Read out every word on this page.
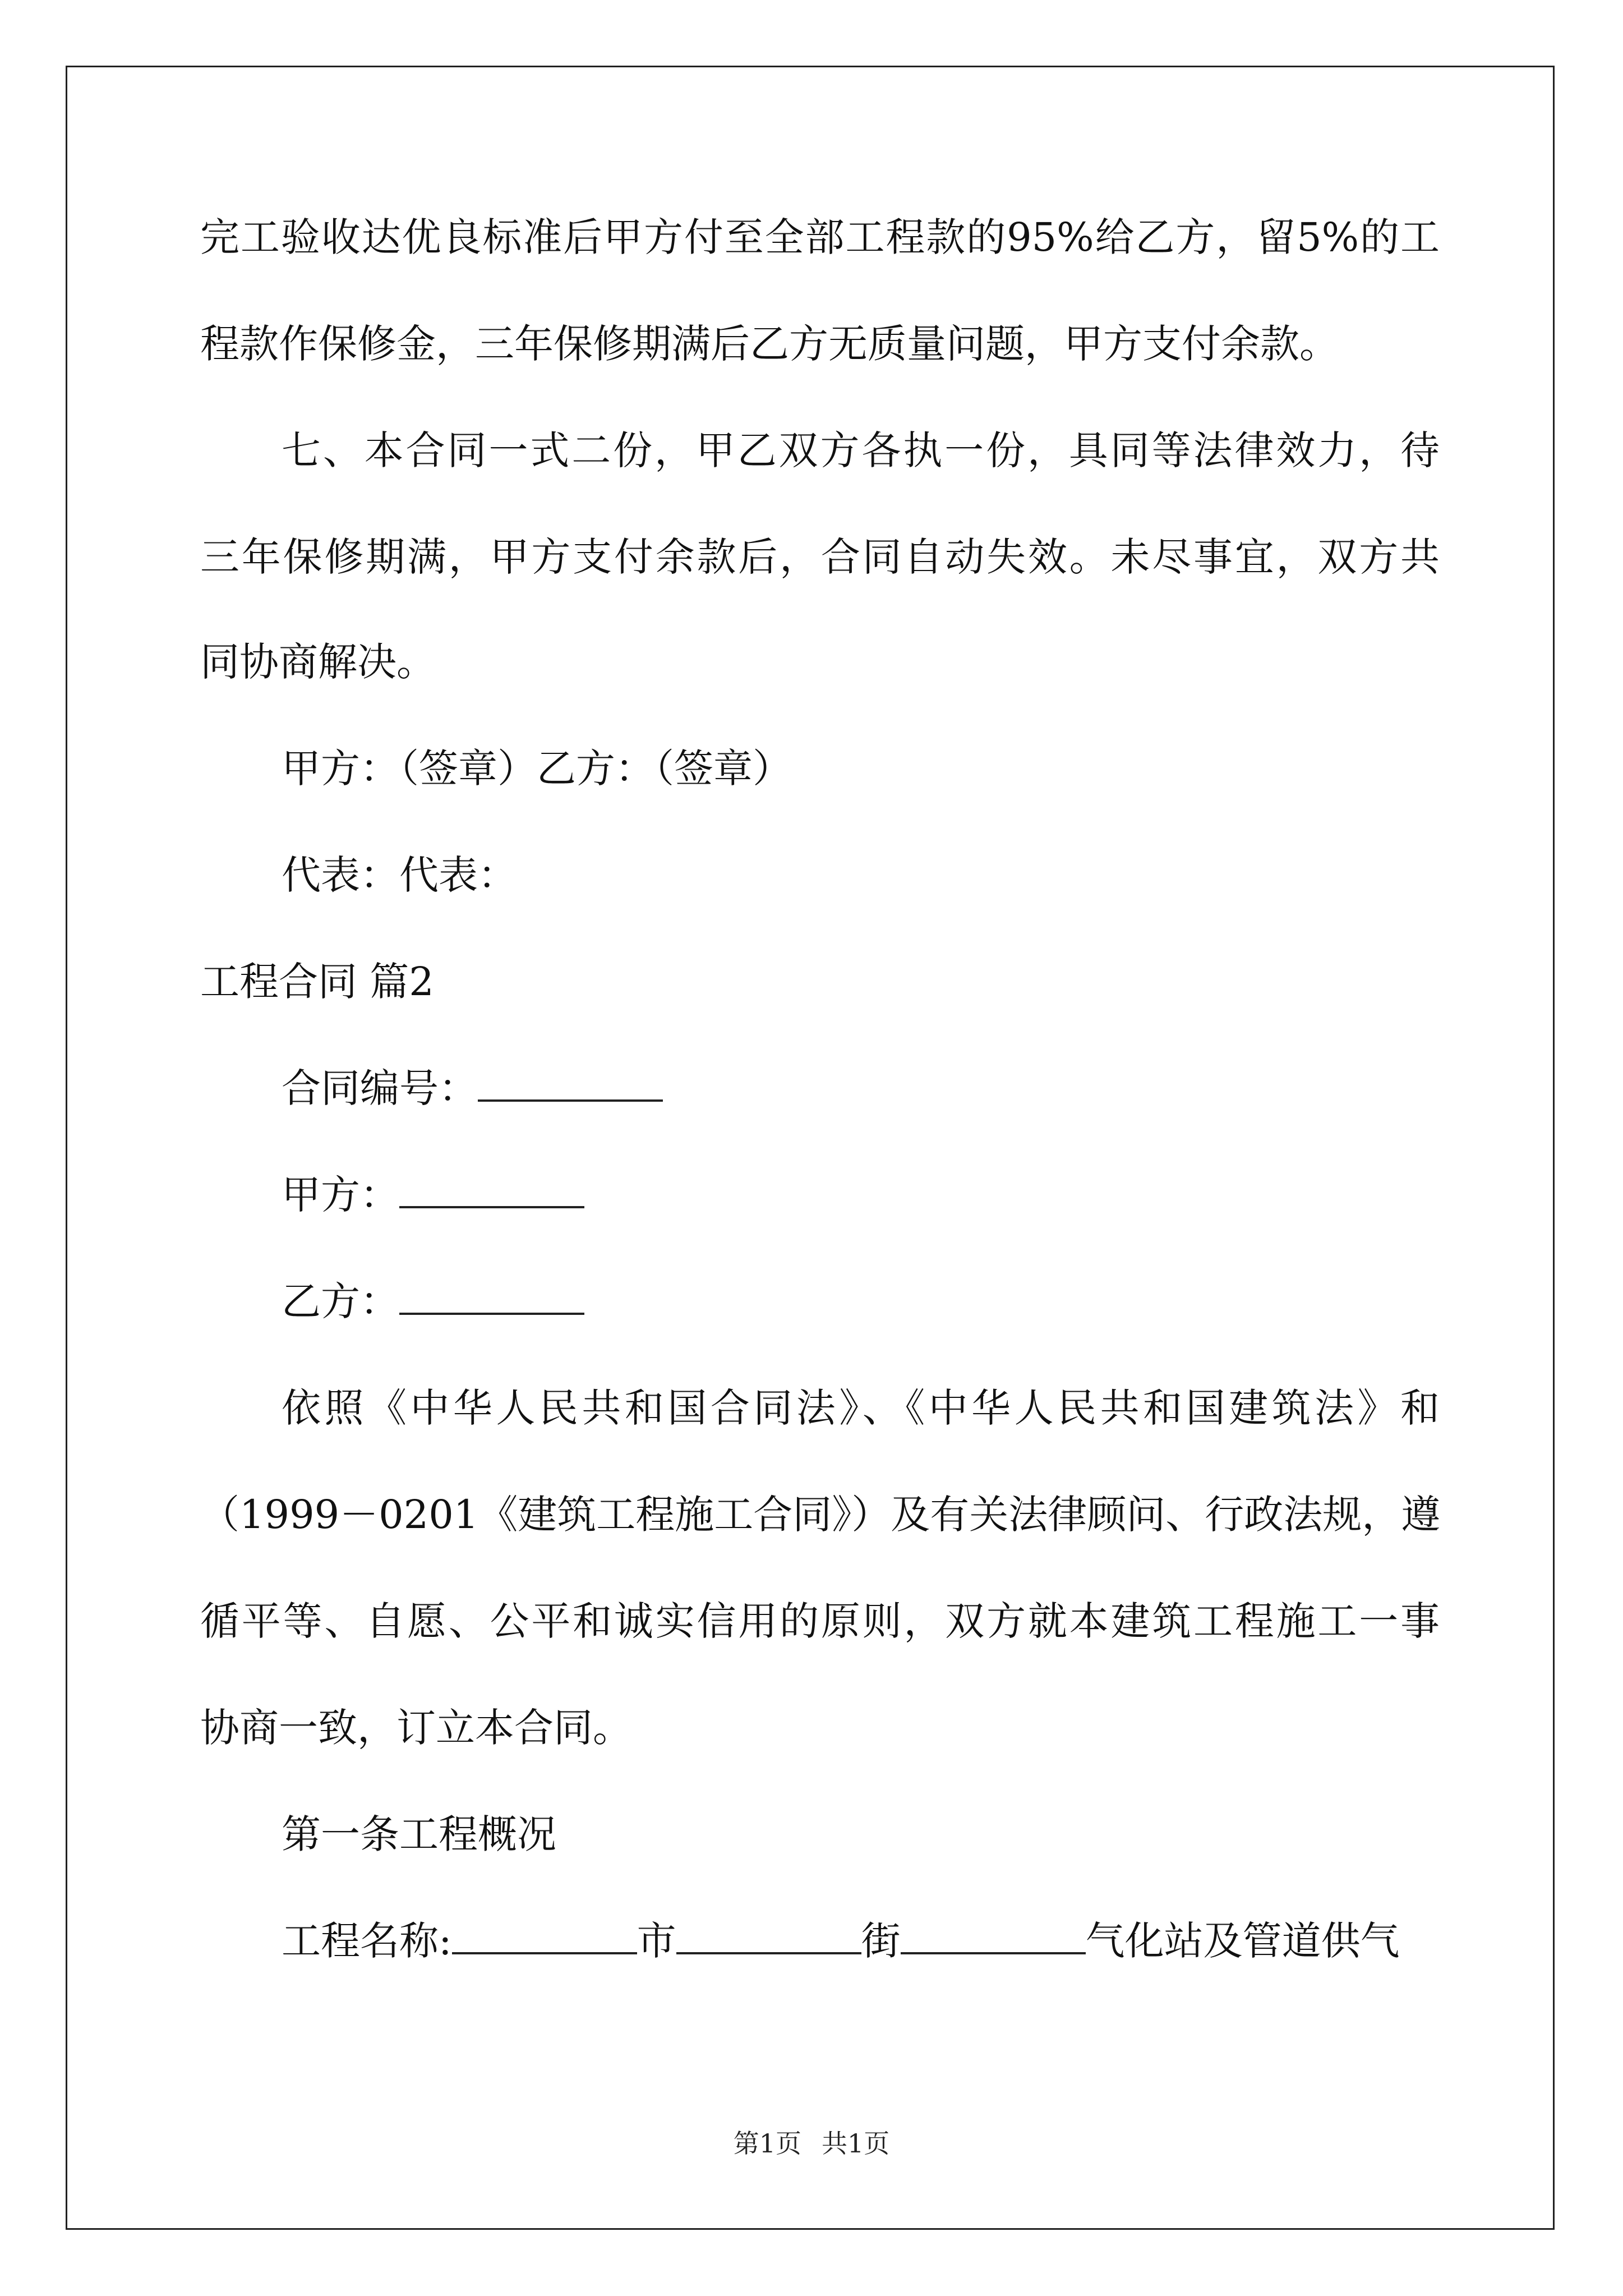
完工验收达优良标准后甲方付至全部工程款的95%给乙方，留5%的工
程款作保修金，三年保修期满后乙方无质量问题，甲方支付余款。
七、本合同一式二份，甲乙双方各执一份，具同等法律效力，待
三年保修期满，甲方支付余款后，合同自动失效。未尽事宜，双方共
同协商解决。
甲方：（签章）乙方：（签章）
代表：代表：
工程合同 篇2
合同编号：
甲方：
乙方：
依照《中华人民共和国合同法》、《中华人民共和国建筑法》和
（1999－0201《建筑工程施工合同》）及有关法律顾问、行政法规，遵
循平等、自愿、公平和诚实信用的原则，双方就本建筑工程施工一事
协商一致，订立本合同。
第一条工程概况
工程名称:	市	街	气化站及管道供气
第1页 共1页
